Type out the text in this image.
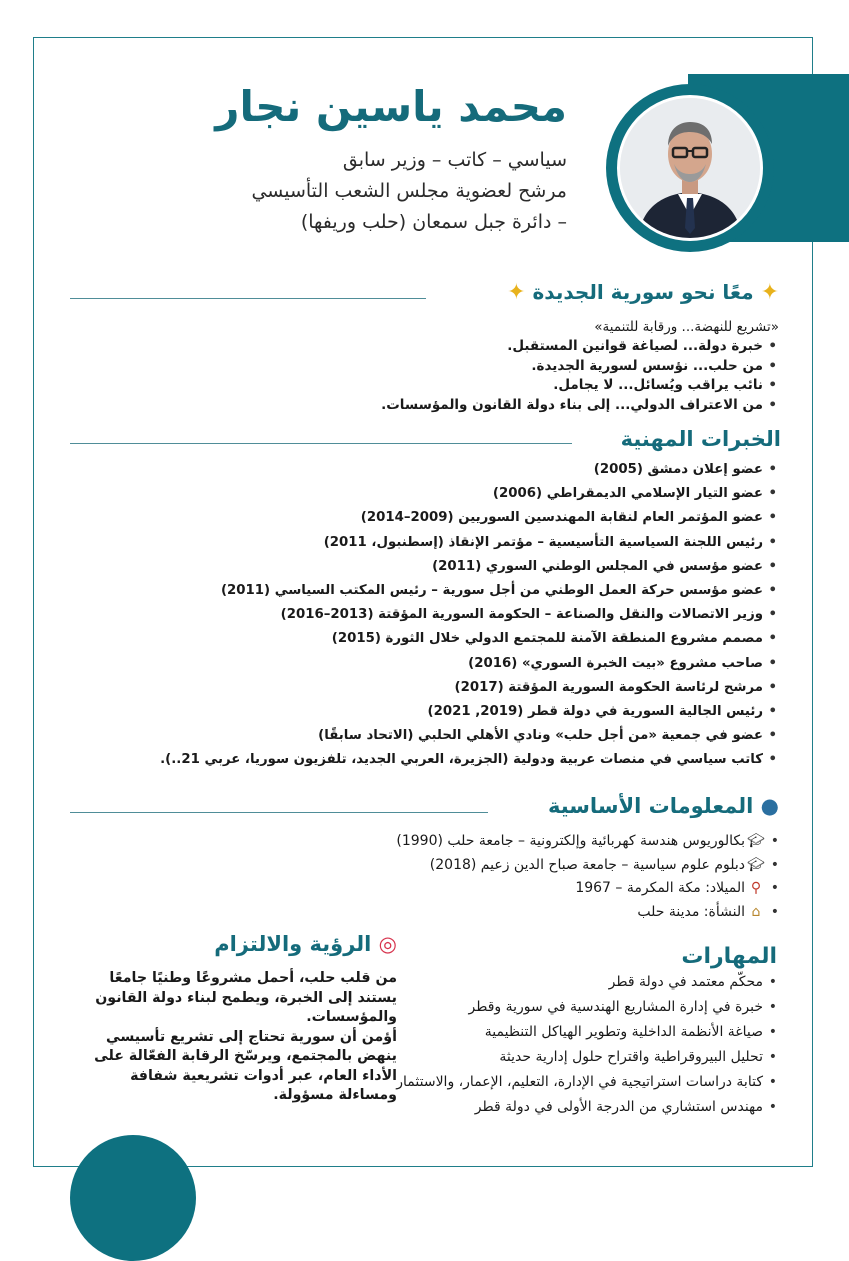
محمد ياسين نجار
سياسي – كاتب – وزير سابق
مرشح لعضوية مجلس الشعب التأسيسي – دائرة جبل سمعان (حلب وريفها)
✦ معًا نحو سورية الجديدة ✦
«تشريع للنهضة... ورقابة للتنمية»
• خبرة دولة... لصياغة قوانين المستقبل.
• من حلب... نؤسس لسورية الجديدة.
• نائب يراقب ويُسائل... لا يجامل.
• من الاعتراف الدولي... إلى بناء دولة القانون والمؤسسات.
الخبرات المهنية
• عضو إعلان دمشق (2005)
• عضو التيار الإسلامي الديمقراطي (2006)
• عضو المؤتمر العام لنقابة المهندسين السوريين (2009–2014)
• رئيس اللجنة السياسية التأسيسية – مؤتمر الإنقاذ (إسطنبول، 2011)
• عضو مؤسس في المجلس الوطني السوري (2011)
• عضو مؤسس حركة العمل الوطني من أجل سورية – رئيس المكتب السياسي (2011)
• وزير الاتصالات والنقل والصناعة – الحكومة السورية المؤقتة (2013–2016)
• مصمم مشروع المنطقة الآمنة للمجتمع الدولي خلال الثورة (2015)
• صاحب مشروع «بيت الخبرة السوري» (2016)
• مرشح لرئاسة الحكومة السورية المؤقتة (2017)
• رئيس الجالية السورية في دولة قطر (2019, 2021)
• عضو في جمعية «من أجل حلب» ونادي الأهلي الحلبي (الاتحاد سابقًا)
• كاتب سياسي في منصات عربية ودولية (الجزيرة، العربي الجديد، تلفزيون سوريا، عربي 21..).
● المعلومات الأساسية
• 🎓︎بكالوريوس هندسة كهربائية وإلكترونية – جامعة حلب (1990)
• 🎓︎دبلوم علوم سياسية – جامعة صباح الدين زعيم (2018)
• ⚲الميلاد: مكة المكرمة – 1967
• ⌂النشأة: مدينة حلب
المهارات
• محكّم معتمد في دولة قطر
• خبرة في إدارة المشاريع الهندسية في سورية وقطر
• صياغة الأنظمة الداخلية وتطوير الهياكل التنظيمية
• تحليل البيروقراطية واقتراح حلول إدارية حديثة
• كتابة دراسات استراتيجية في الإدارة، التعليم، الإعمار، والاستثمار
• مهندس استشاري من الدرجة الأولى في دولة قطر
◎ الرؤية والالتزام
من قلب حلب، أحمل مشروعًا وطنيًا جامعًا يستند إلى الخبرة، ويطمح لبناء دولة القانون والمؤسسات.
أؤمن أن سورية تحتاج إلى تشريع تأسيسي ينهض بالمجتمع، ويرسّخ الرقابة الفعّالة على الأداء العام، عبر أدوات تشريعية شفافة ومساءلة مسؤولة.
